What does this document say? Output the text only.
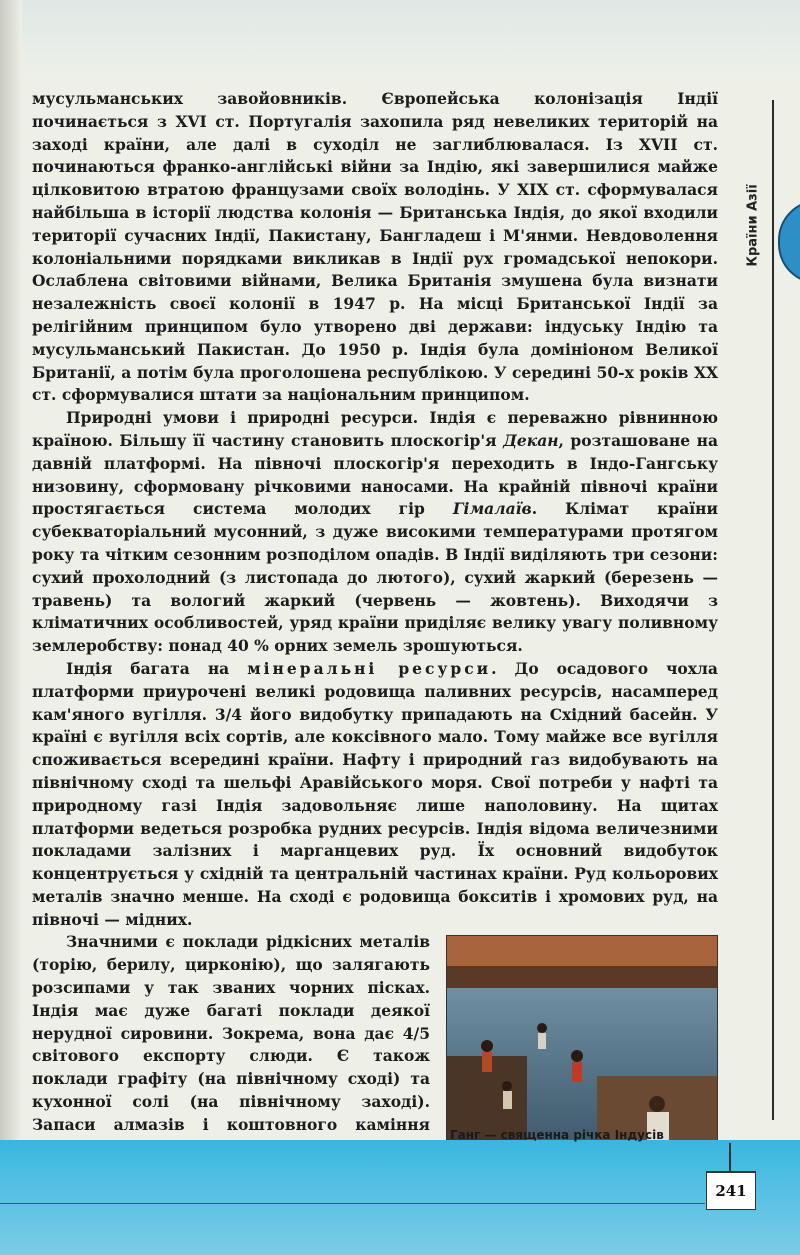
Країни Азії

мусульманських завойовників. Європейська колонізація Індії починається з XVI ст. Португалія захопила ряд невеликих територій на заході країни, але далі в суходіл не заглиблювалася. Із XVII ст. починаються франко-англійські війни за Індію, які завершилися майже цілковитою втратою французами своїх володінь. У XIX ст. сформувалася найбільша в історії людства колонія — Британська Індія, до якої входили території сучасних Індії, Пакистану, Бангладеш і М'янми. Невдоволення колоніальними порядками викликав в Індії рух громадської непокори. Ослаблена світовими війнами, Велика Британія змушена була визнати незалежність своєї колонії в 1947 р. На місці Британської Індії за релігійним принципом було утворено дві держави: індуську Індію та мусульманський Пакистан. До 1950 р. Індія була домініоном Великої Британії, а потім була проголошена республікою. У середині 50-х років XX ст. сформувалися штати за національним принципом.

Природні умови і природні ресурси. Індія є переважно рівнинною країною. Більшу її частину становить плоскогір'я Декан, розташоване на давній платформі. На півночі плоскогір'я переходить в Індо-Гангську низовину, сформовану річковими наносами. На крайній півночі країни простягається система молодих гір Гімалаїв. Клімат країни субекваторіальний мусонний, з дуже високими температурами протягом року та чітким сезонним розподілом опадів. В Індії виділяють три сезони: сухий прохолодний (з листопада до лютого), сухий жаркий (березень — травень) та вологий жаркий (червень — жовтень). Виходячи з кліматичних особливостей, уряд країни приділяє велику увагу поливному землеробству: понад 40 % орних земель зрошуються.

Індія багата на мінеральні ресурси. До осадового чохла платформи приурочені великі родовища паливних ресурсів, насамперед кам'яного вугілля. 3/4 його видобутку припадають на Східний басейн. У країні є вугілля всіх сортів, але коксівного мало. Тому майже все вугілля споживається всередині країни. Нафту і природний газ видобувають на північному сході та шельфі Аравійського моря. Свої потреби у нафті та природному газі Індія задовольняє лише наполовину. На щитах платформи ведеться розробка рудних ресурсів. Індія відома величезними покладами залізних і марганцевих руд. Їх основний видобуток концентрується у східній та центральній частинах країни. Руд кольорових металів значно менше. На сході є родовища бокситів і хромових руд, на півночі — мідних.

Значними є поклади рідкісних металів (торію, берилу, цирконію), що залягають розсипами у так званих чорних пісках. Індія має дуже багаті поклади деякої нерудної сировини. Зокрема, вона дає 4/5 світового експорту слюди. Є також поклади графіту (на північному сході) та кухонної солі (на північному заході). Запаси алмазів і коштовного каміння

Ганг — священна річка Індусів
241
